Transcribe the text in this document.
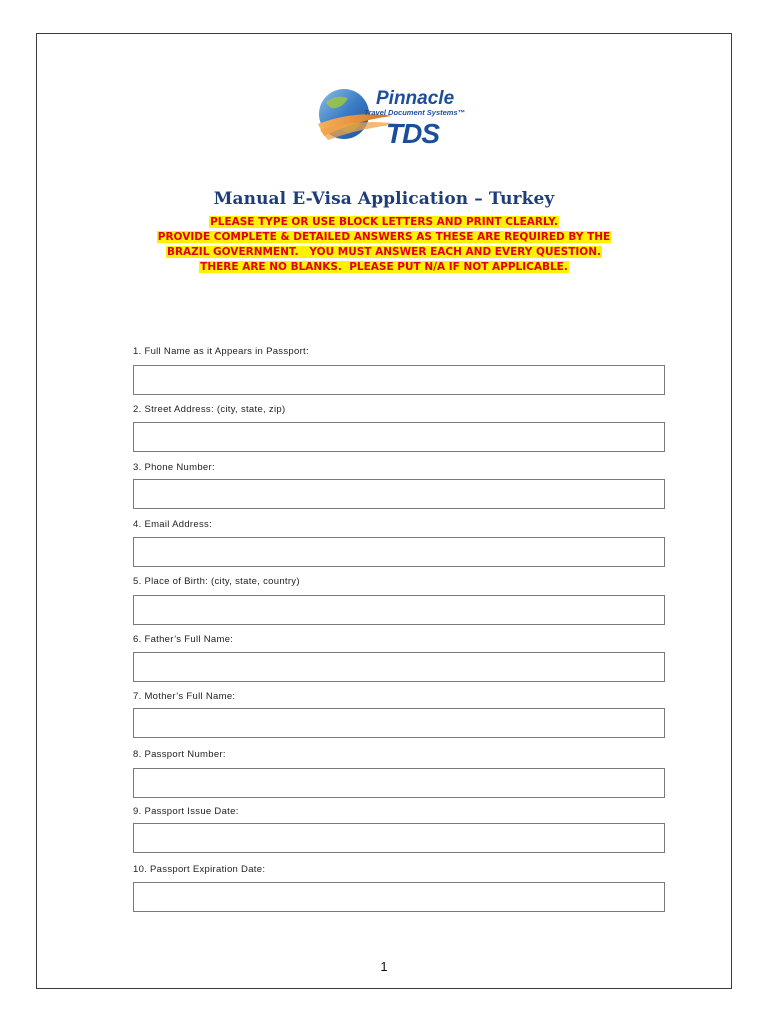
Pinnacle
Travel Document Systems™
TDS
Manual E-Visa Application – Turkey
PLEASE TYPE OR USE BLOCK LETTERS AND PRINT CLEARLY.
PROVIDE COMPLETE & DETAILED ANSWERS AS THESE ARE REQUIRED BY THE
BRAZIL GOVERNMENT.   YOU MUST ANSWER EACH AND EVERY QUESTION.
THERE ARE NO BLANKS.  PLEASE PUT N/A IF NOT APPLICABLE.
1. Full Name as it Appears in Passport:
2. Street Address: (city, state, zip)
3. Phone Number:
4. Email Address:
5. Place of Birth: (city, state, country)
6. Father’s Full Name:
7. Mother’s Full Name:
8. Passport Number:
9. Passport Issue Date:
10. Passport Expiration Date:
1
